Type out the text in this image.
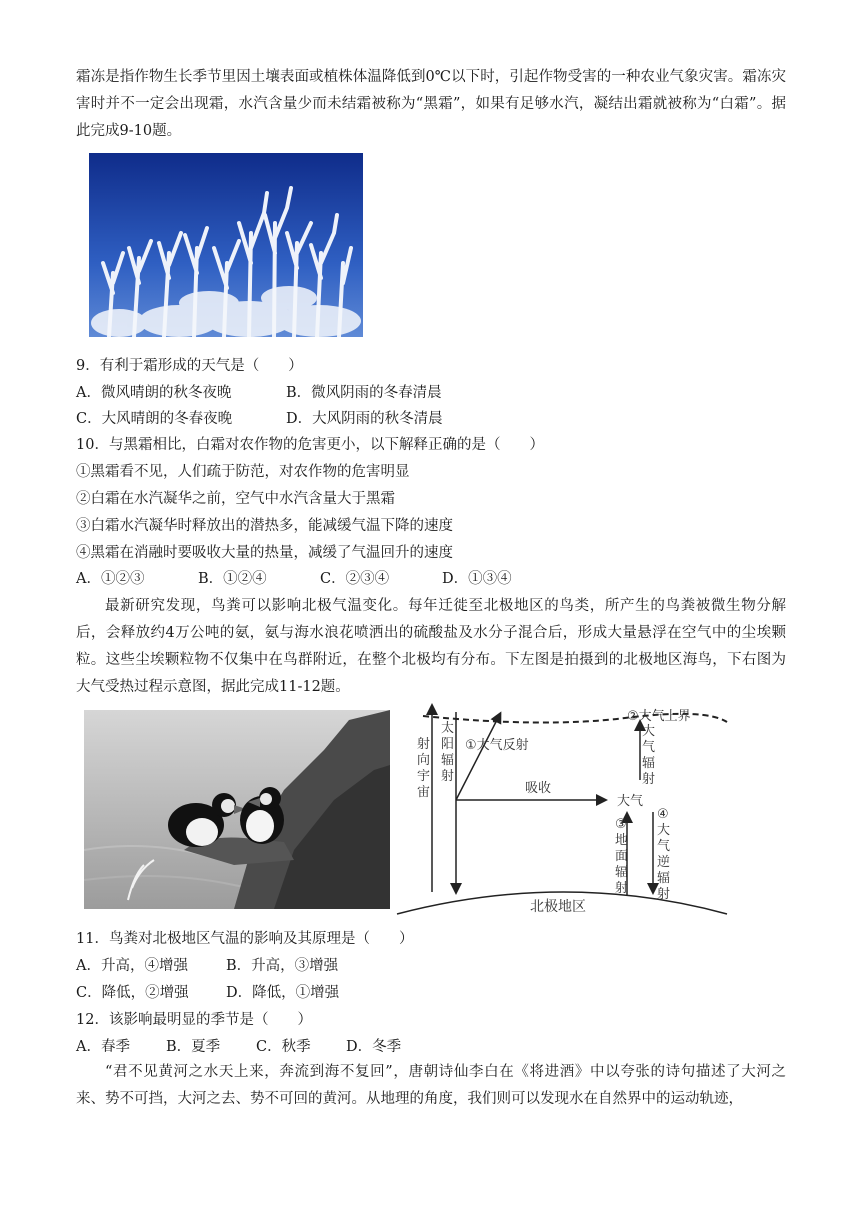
霜冻是指作物生长季节里因土壤表面或植株体温降低到0℃以下时，引起作物受害的一种农业气象灾害。霜冻灾害时并不一定会出现霜，水汽含量少而未结霜被称为“黑霜”，如果有足够水汽，凝结出霜就被称为“白霜”。据此完成9-10题。

9．有利于霜形成的天气是（　　）

A．微风晴朗的秋冬夜晚	B．微风阴雨的冬春清晨

C．大风晴朗的冬春夜晚	D．大风阴雨的秋冬清晨

10．与黑霜相比，白霜对农作物的危害更小，以下解释正确的是（　　）

①黑霜看不见，人们疏于防范，对农作物的危害明显

②白霜在水汽凝华之前，空气中水汽含量大于黑霜

③白霜水汽凝华时释放出的潜热多，能减缓气温下降的速度

④黑霜在消融时要吸收大量的热量，减缓了气温回升的速度

A．①②③	B．①②④	C．②③④	D．①③④

最新研究发现，鸟粪可以影响北极气温变化。每年迁徙至北极地区的鸟类，所产生的鸟粪被微生物分解后，会释放约4万公吨的氨，氨与海水浪花喷洒出的硫酸盐及水分子混合后，形成大量悬浮在空气中的尘埃颗粒。这些尘埃颗粒物不仅集中在鸟群附近，在整个北极均有分布。下左图是拍摄到的北极地区海鸟，下右图为大气受热过程示意图，据此完成11-12题。

②大气上界
射向宇宙
太阳辐射
①大气反射
吸收
大气
大气辐射
③ 地面辐射
④ 大气逆辐射
北极地区

11．鸟粪对北极地区气温的影响及其原理是（　　）

A．升高，④增强	B．升高，③增强

C．降低，②增强	D．降低，①增强

12．该影响最明显的季节是（　　）

A．春季 B．夏季 C．秋季 D．冬季

“君不见黄河之水天上来，奔流到海不复回”，唐朝诗仙李白在《将进酒》中以夸张的诗句描述了大河之来、势不可挡，大河之去、势不可回的黄河。从地理的角度，我们则可以发现水在自然界中的运动轨迹，
